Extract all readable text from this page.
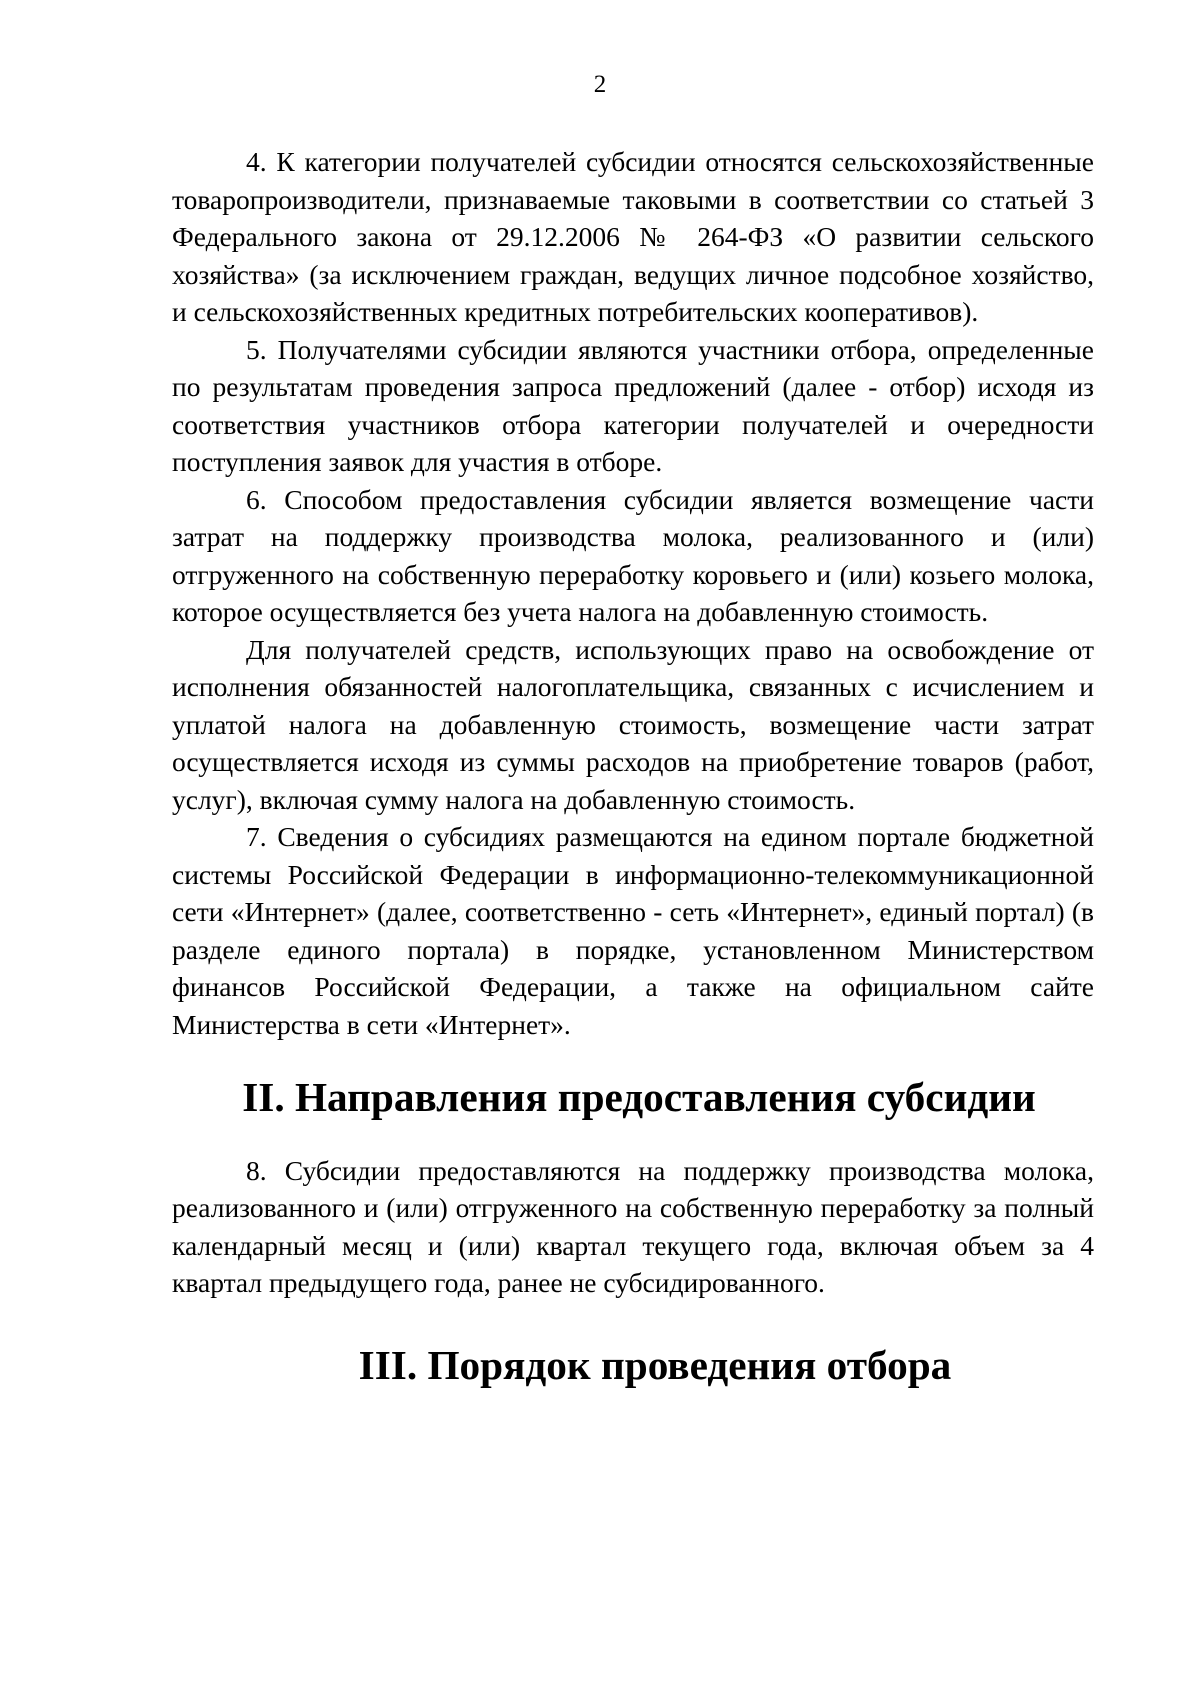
2

4. К категории получателей субсидии относятся сельскохозяйственные товаропроизводители, признаваемые таковыми в соответствии со статьей 3 Федерального закона от 29.12.2006 № 264-ФЗ «О развитии сельского хозяйства» (за исключением граждан, ведущих личное подсобное хозяйство, и сельскохозяйственных кредитных потребительских кооперативов).

5. Получателями субсидии являются участники отбора, определенные по результатам проведения запроса предложений (далее - отбор) исходя из соответствия участников отбора категории получателей и очередности поступления заявок для участия в отборе.

6. Способом предоставления субсидии является возмещение части затрат на поддержку производства молока, реализованного и (или) отгруженного на собственную переработку коровьего и (или) козьего молока, которое осуществляется без учета налога на добавленную стоимость.

Для получателей средств, использующих право на освобождение от исполнения обязанностей налогоплательщика, связанных с исчислением и уплатой налога на добавленную стоимость, возмещение части затрат осуществляется исходя из суммы расходов на приобретение товаров (работ, услуг), включая сумму налога на добавленную стоимость.

7. Сведения о субсидиях размещаются на едином портале бюджетной системы Российской Федерации в информационно-телекоммуникационной сети «Интернет» (далее, соответственно - сеть «Интернет», единый портал) (в разделе единого портала) в порядке, установленном Министерством финансов Российской Федерации, а также на официальном сайте Министерства в сети «Интернет».

II. Направления предоставления субсидии

8. Субсидии предоставляются на поддержку производства молока, реализованного и (или) отгруженного на собственную переработку за полный календарный месяц и (или) квартал текущего года, включая объем за 4 квартал предыдущего года, ранее не субсидированного.

III. Порядок проведения отбора
